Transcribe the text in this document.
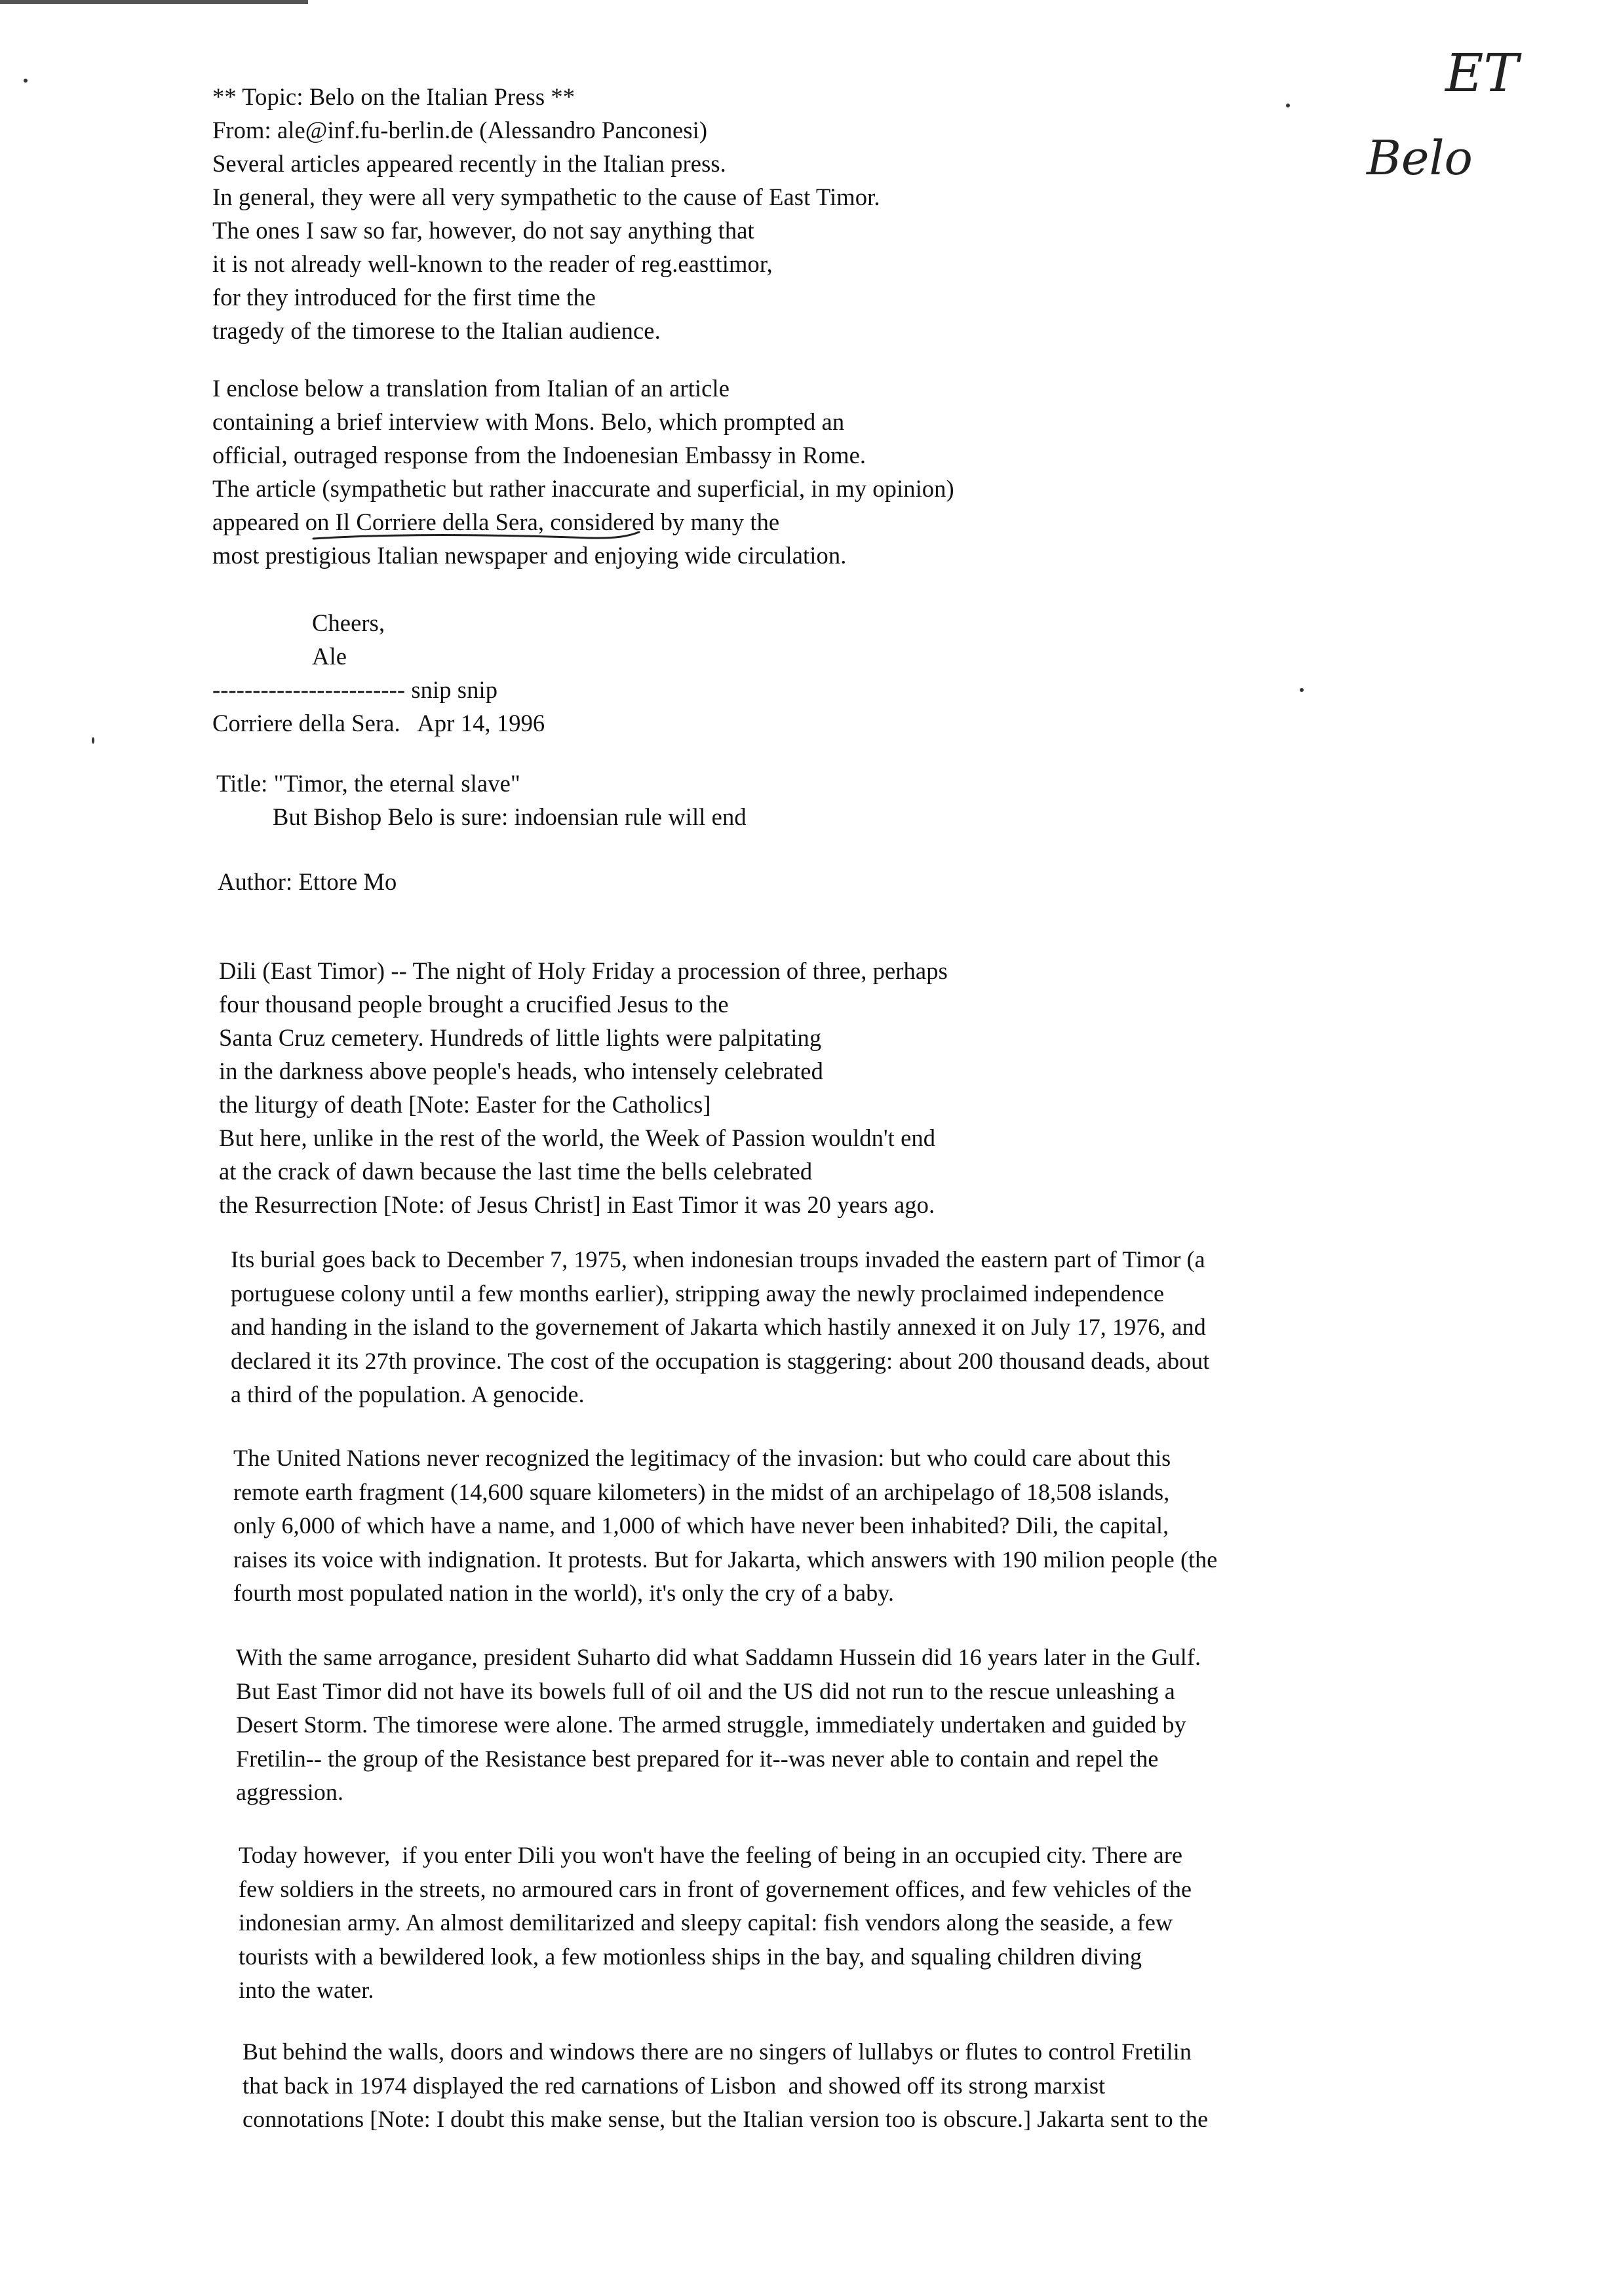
ET
Belo
** Topic: Belo on the Italian Press **
From: ale@inf.fu-berlin.de (Alessandro Panconesi)
Several articles appeared recently in the Italian press.
In general, they were all very sympathetic to the cause of East Timor.
The ones I saw so far, however, do not say anything that
it is not already well-known to the reader of reg.easttimor,
for they introduced for the first time the
tragedy of the timorese to the Italian audience.
I enclose below a translation from Italian of an article
containing a brief interview with Mons. Belo, which prompted an
official, outraged response from the Indoenesian Embassy in Rome.
The article (sympathetic but rather inaccurate and superficial, in my opinion)
appeared on Il Corriere della Sera, considered by many the
most prestigious Italian newspaper and enjoying wide circulation.
Cheers,
Ale
------------------------ snip snip
Corriere della Sera.   Apr 14, 1996
Title: "Timor, the eternal slave"
But Bishop Belo is sure: indoensian rule will end
Author: Ettore Mo
Dili (East Timor) -- The night of Holy Friday a procession of three, perhaps
four thousand people brought a crucified Jesus to the
Santa Cruz cemetery. Hundreds of little lights were palpitating
in the darkness above people's heads, who intensely celebrated
the liturgy of death [Note: Easter for the Catholics]
But here, unlike in the rest of the world, the Week of Passion wouldn't end
at the crack of dawn because the last time the bells celebrated
the Resurrection [Note: of Jesus Christ] in East Timor it was 20 years ago.
Its burial goes back to December 7, 1975, when indonesian troups invaded the eastern part of Timor (a
portuguese colony until a few months earlier), stripping away the newly proclaimed independence
and handing in the island to the governement of Jakarta which hastily annexed it on July 17, 1976, and
declared it its 27th province. The cost of the occupation is staggering: about 200 thousand deads, about
a third of the population. A genocide.
The United Nations never recognized the legitimacy of the invasion: but who could care about this
remote earth fragment (14,600 square kilometers) in the midst of an archipelago of 18,508 islands,
only 6,000 of which have a name, and 1,000 of which have never been inhabited? Dili, the capital,
raises its voice with indignation. It protests. But for Jakarta, which answers with 190 milion people (the
fourth most populated nation in the world), it's only the cry of a baby.
With the same arrogance, president Suharto did what Saddamn Hussein did 16 years later in the Gulf.
But East Timor did not have its bowels full of oil and the US did not run to the rescue unleashing a
Desert Storm. The timorese were alone. The armed struggle, immediately undertaken and guided by
Fretilin-- the group of the Resistance best prepared for it--was never able to contain and repel the
aggression.
Today however,  if you enter Dili you won't have the feeling of being in an occupied city. There are
few soldiers in the streets, no armoured cars in front of governement offices, and few vehicles of the
indonesian army. An almost demilitarized and sleepy capital: fish vendors along the seaside, a few
tourists with a bewildered look, a few motionless ships in the bay, and squaling children diving
into the water.
But behind the walls, doors and windows there are no singers of lullabys or flutes to control Fretilin
that back in 1974 displayed the red carnations of Lisbon  and showed off its strong marxist
connotations [Note: I doubt this make sense, but the Italian version too is obscure.] Jakarta sent to the
